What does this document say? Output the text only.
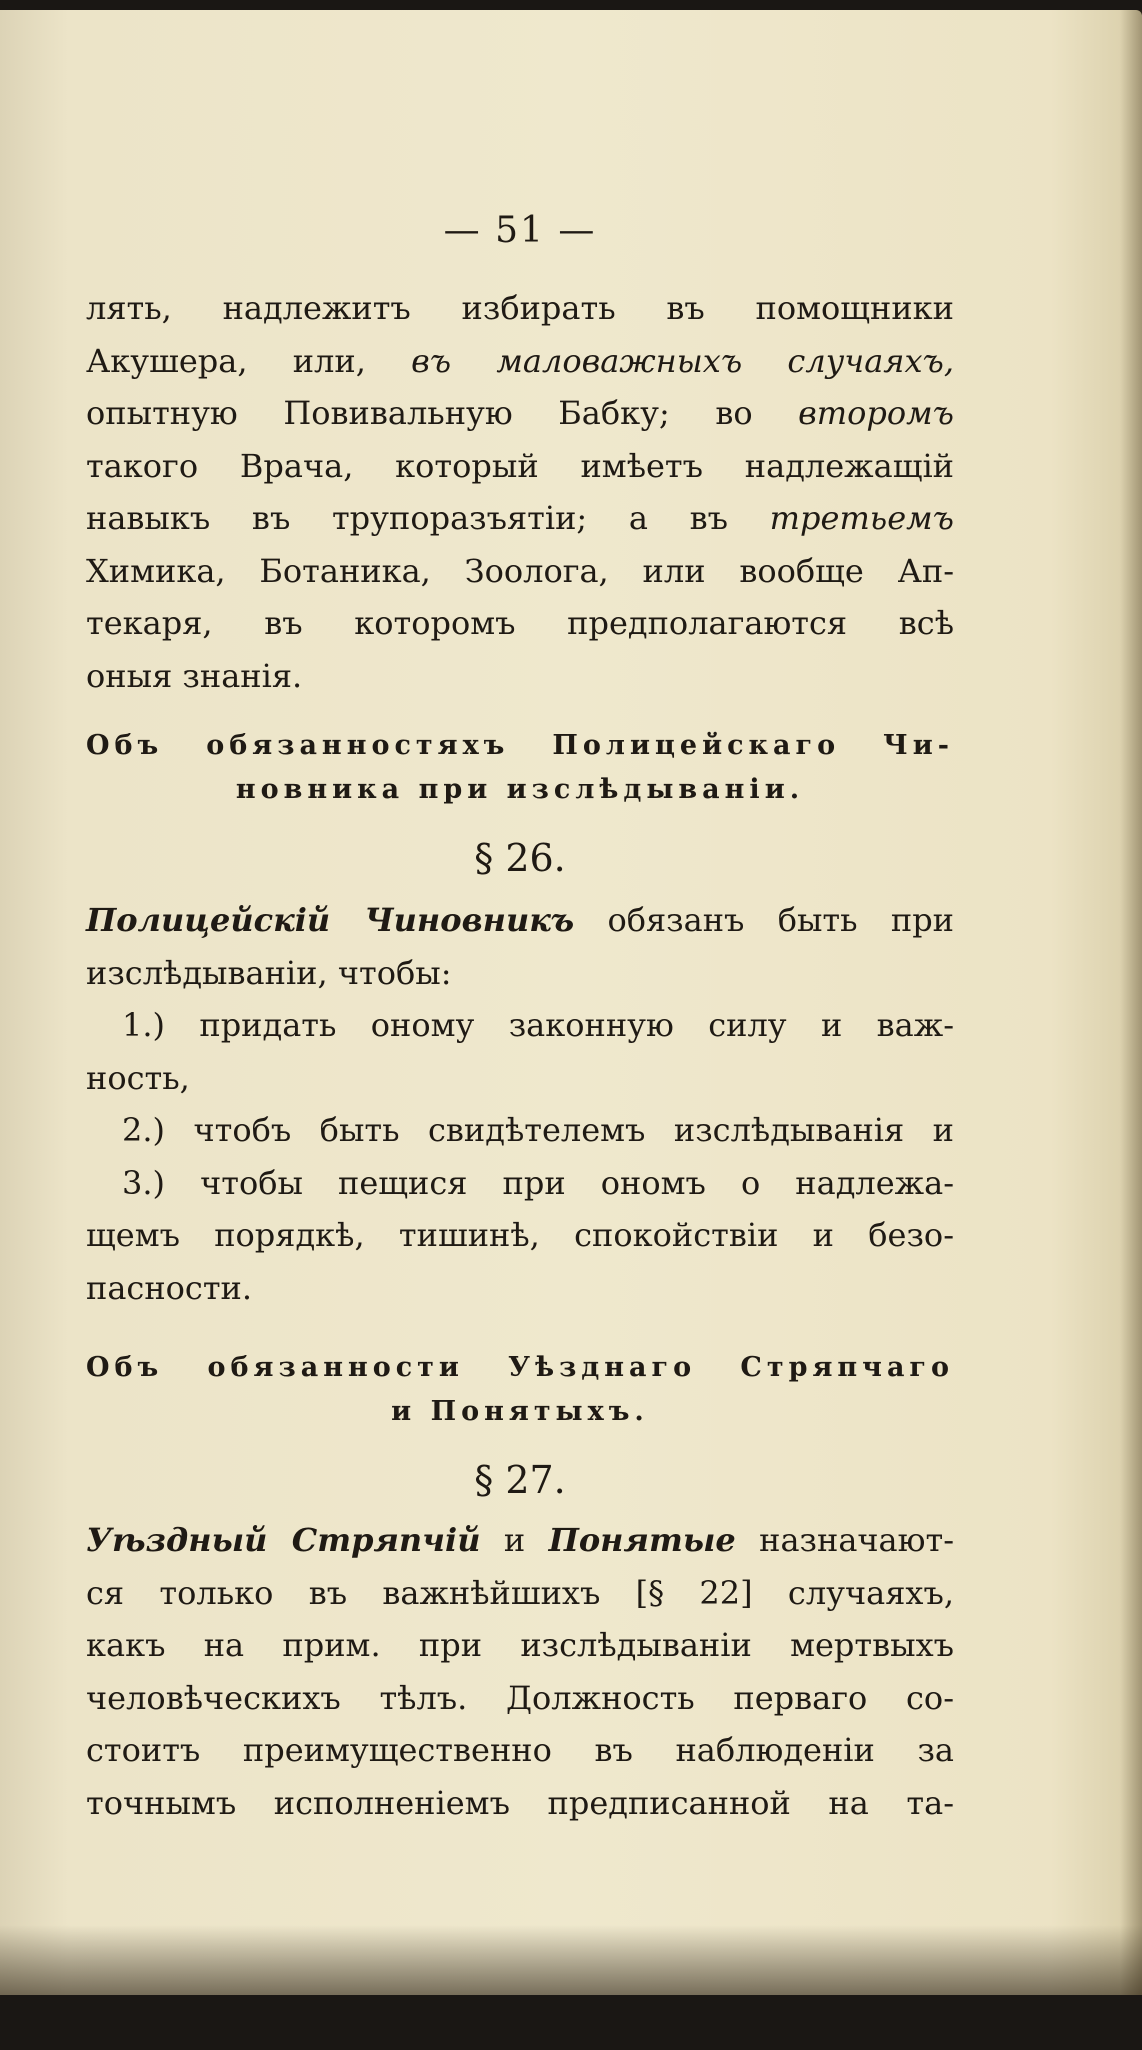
— 51 —

лять, надлежитъ избирать въ помощники
Акушера, или, въ маловажныхъ случаяхъ,
опытную Повивальную Бабку; во второмъ
такого Врача, который имѣетъ надлежащій
навыкъ въ трупоразъятіи; а въ третьемъ
Химика, Ботаника, Зоолога, или вообще Ап-
текаря, въ которомъ предполагаются всѣ
оныя знанія.

Объ обязанностяхъ Полицейскаго Чи-
новника при изслѣдываніи.
§ 26.

Полицейскій Чиновникъ обязанъ быть при
изслѣдываніи, чтобы:
1.) придать оному законную силу и важ-
ность,
2.) чтобъ быть свидѣтелемъ изслѣдыванія и
3.) чтобы пещися при ономъ о надлежа-
щемъ порядкѣ, тишинѣ, спокойствіи и безо-
пасности.

Объ обязанности Уѣзднаго Стряпчаго
и Понятыхъ.
§ 27.

Уѣздный Стряпчій и Понятые назначают-
ся только въ важнѣйшихъ [§ 22] случаяхъ,
какъ на прим. при изслѣдываніи мертвыхъ
человѣческихъ тѣлъ. Должность перваго со-
стоитъ преимущественно въ наблюденіи за
точнымъ исполненіемъ предписанной на та-
